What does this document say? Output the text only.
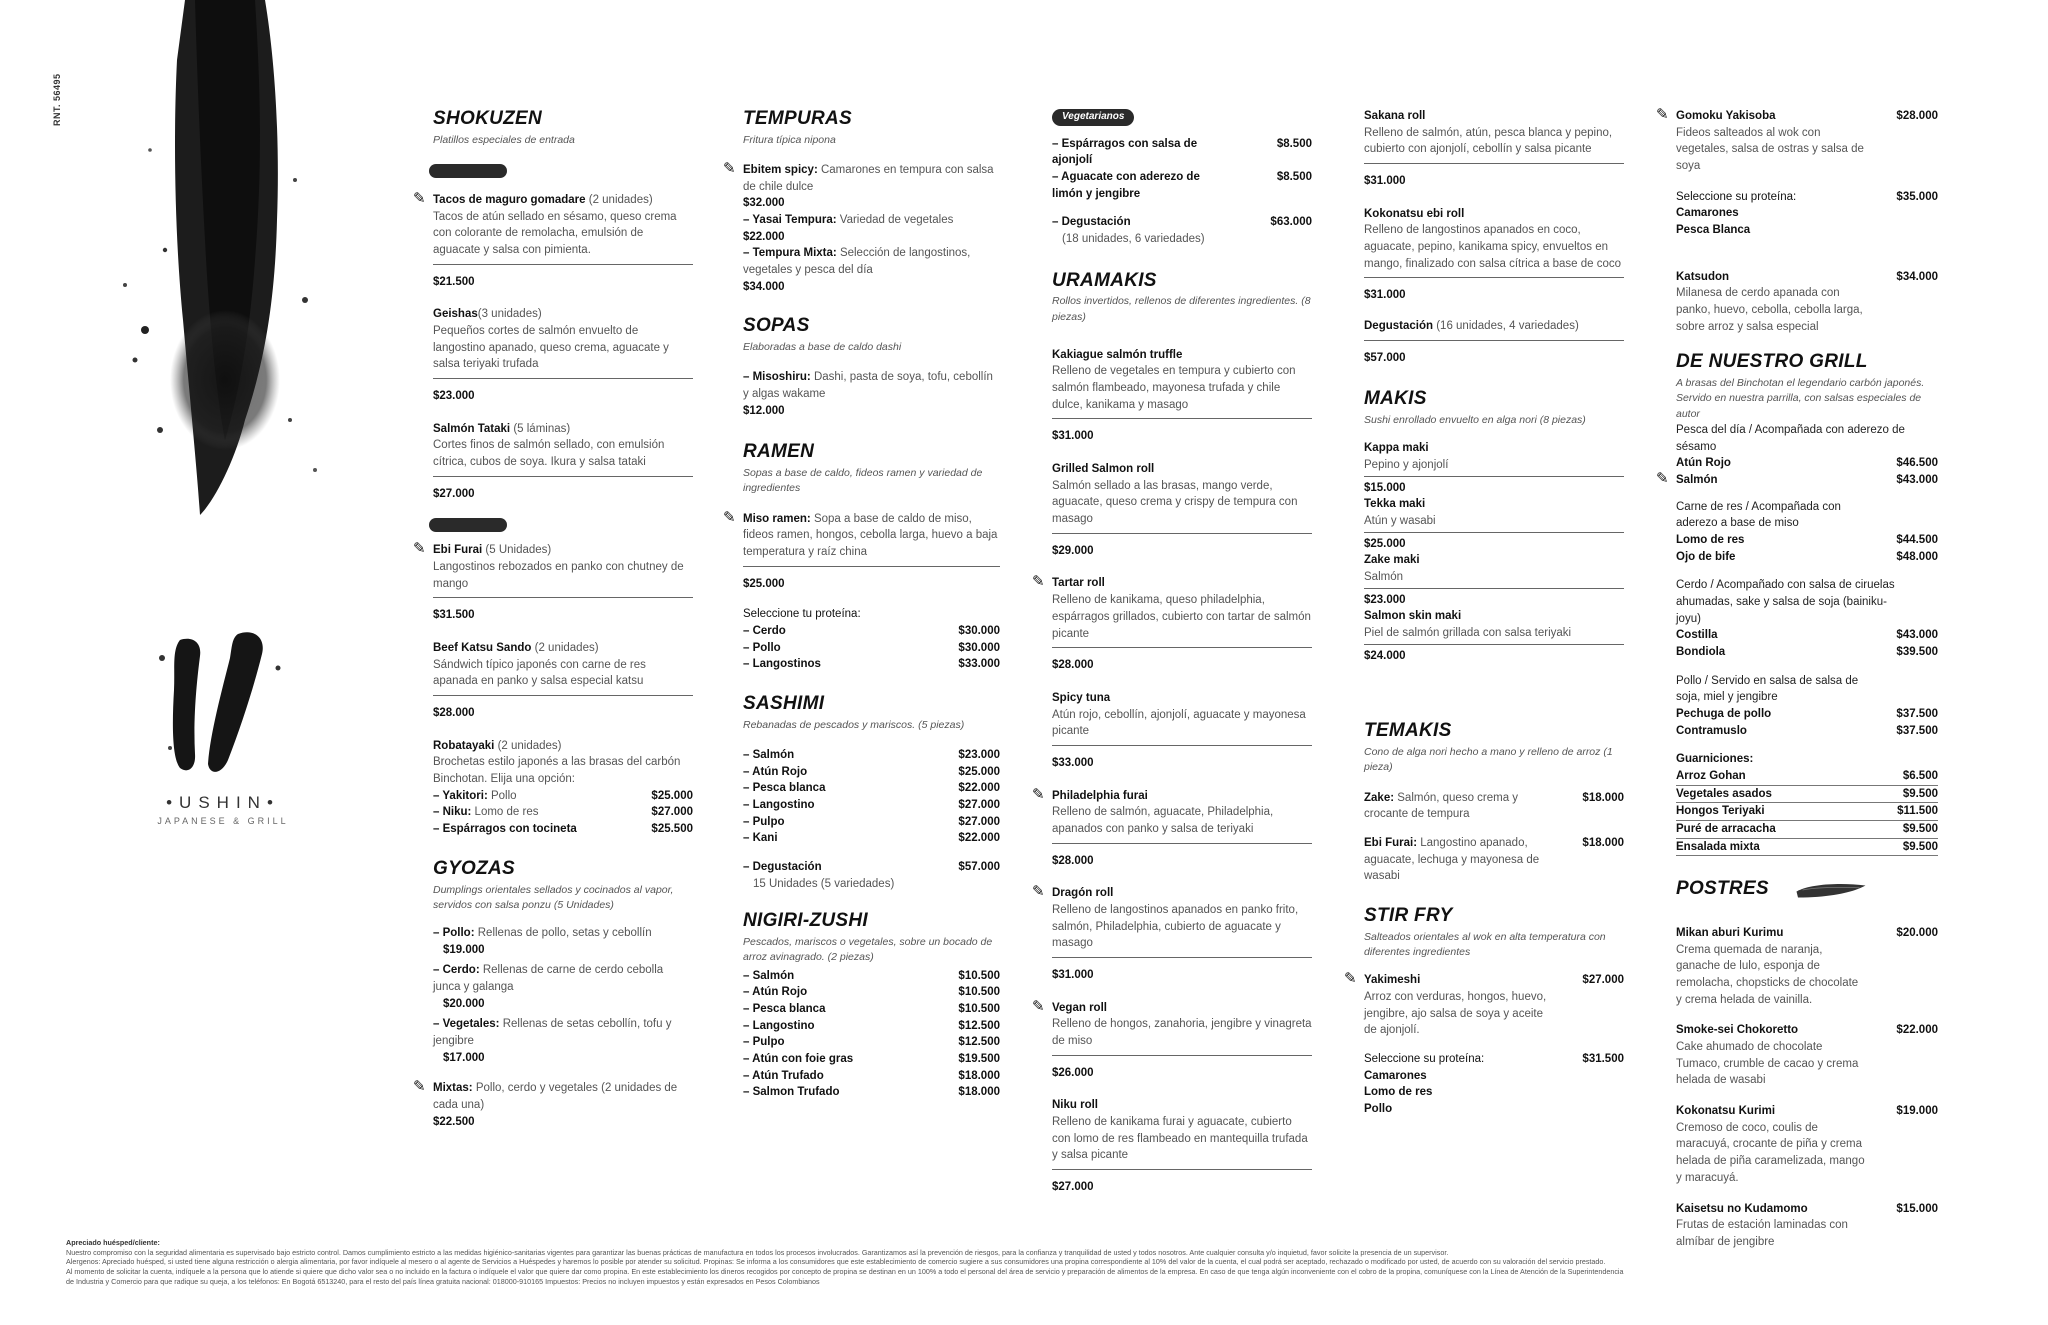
RNT. 56495
•USHIN•
JAPANESE & GRILL
SHOKUZEN

Platillos especiales de entrada

✎ Tacos de maguro gomadare (2 unidades)
Tacos de atún sellado en sésamo, queso crema con colorante de remolacha, emulsión de aguacate y salsa con pimienta.
$21.500
Geishas(3 unidades)
Pequeños cortes de salmón envuelto de langostino apanado, queso crema, aguacate y salsa teriyaki trufada
$23.000
Salmón Tataki (5 láminas)
Cortes finos de salmón sellado, con emulsión cítrica, cubos de soya. Ikura y salsa tataki
$27.000
✎ Ebi Furai (5 Unidades)
Langostinos rebozados en panko con chutney de mango
$31.500
Beef Katsu Sando (2 unidades)
Sándwich típico japonés con carne de res apanada en panko y salsa especial katsu
$28.000
Robatayaki (2 unidades)
Brochetas estilo japonés a las brasas del carbón Binchotan. Elija una opción:
– Yakitori: Pollo	$25.000
– Niku: Lomo de res	$27.000
– Espárragos con tocineta	$25.500
GYOZAS

Dumplings orientales sellados y cocinados al vapor, servidos con salsa ponzu (5 Unidades)

– Pollo: Rellenas de pollo, setas y cebollín
$19.000
– Cerdo: Rellenas de carne de cerdo cebolla junca y galanga
$20.000
– Vegetales: Rellenas de setas cebollín, tofu y jengibre
$17.000
✎ Mixtas: Pollo, cerdo y vegetales (2 unidades de cada una)
$22.500
TEMPURAS

Fritura típica nipona

✎ Ebitem spicy: Camarones en tempura con salsa de chile dulce
$32.000
– Yasai Tempura: Variedad de vegetales
$22.000
– Tempura Mixta: Selección de langostinos, vegetales y pesca del día
$34.000
SOPAS

Elaboradas a base de caldo dashi

– Misoshiru: Dashi, pasta de soya, tofu, cebollín y algas wakame
$12.000
RAMEN

Sopas a base de caldo, fideos ramen y variedad de ingredientes

✎ Miso ramen: Sopa a base de caldo de miso, fideos ramen, hongos, cebolla larga, huevo a baja temperatura y raíz china
$25.000
Seleccione tu proteína:
– Cerdo	$30.000
– Pollo	$30.000
– Langostinos	$33.000
SASHIMI

Rebanadas de pescados y mariscos. (5 piezas)

– Salmón	$23.000
– Atún Rojo	$25.000
– Pesca blanca	$22.000
– Langostino	$27.000
– Pulpo	$27.000
– Kani	$22.000
– Degustación	$57.000
15 Unidades (5 variedades)
NIGIRI-ZUSHI

Pescados, mariscos o vegetales, sobre un bocado de arroz avinagrado. (2 piezas)

– Salmón	$10.500
– Atún Rojo	$10.500
– Pesca blanca	$10.500
– Langostino	$12.500
– Pulpo	$12.500
– Atún con foie gras	$19.500
– Atún Trufado	$18.000
– Salmon Trufado	$18.000
Vegetarianos
– Espárragos con salsa de ajonjolí
$8.500
– Aguacate con aderezo de limón y jengibre
$8.500
– Degustación	$63.000
(18 unidades, 6 variedades)
URAMAKIS

Rollos invertidos, rellenos de diferentes ingredientes. (8 piezas)

Kakiague salmón truffle
Relleno de vegetales en tempura y cubierto con salmón flambeado, mayonesa trufada y chile dulce, kanikama y masago
$31.000
Grilled Salmon roll
Salmón sellado a las brasas, mango verde, aguacate, queso crema y crispy de tempura con masago
$29.000
✎ Tartar roll
Relleno de kanikama, queso philadelphia, espárragos grillados, cubierto con tartar de salmón picante
$28.000
Spicy tuna
Atún rojo, cebollín, ajonjolí, aguacate y mayonesa picante
$33.000
✎ Philadelphia furai
Relleno de salmón, aguacate, Philadelphia, apanados con panko y salsa de teriyaki
$28.000
✎ Dragón roll
Relleno de langostinos apanados en panko frito, salmón, Philadelphia, cubierto de aguacate y masago
$31.000
✎ Vegan roll
Relleno de hongos, zanahoria, jengibre y vinagreta de miso
$26.000
Niku roll
Relleno de kanikama furai y aguacate, cubierto con lomo de res flambeado en mantequilla trufada y salsa picante
$27.000
Sakana roll
Relleno de salmón, atún, pesca blanca y pepino, cubierto con ajonjolí, cebollín y salsa picante
$31.000
Kokonatsu ebi roll
Relleno de langostinos apanados en coco, aguacate, pepino, kanikama spicy, envueltos en mango, finalizado con salsa cítrica a base de coco
$31.000
Degustación (16 unidades, 4 variedades)
$57.000
MAKIS

Sushi enrollado envuelto en alga nori (8 piezas)

Kappa maki
Pepino y ajonjolí
$15.000
Tekka maki
Atún y wasabi
$25.000
Zake maki
Salmón
$23.000
Salmon skin maki
Piel de salmón grillada con salsa teriyaki
$24.000
TEMAKIS

Cono de alga nori hecho a mano y relleno de arroz (1 pieza)

Zake: Salmón, queso crema y crocante de tempura
$18.000
Ebi Furai: Langostino apanado, aguacate, lechuga y mayonesa de wasabi
$18.000
STIR FRY

Salteados orientales al wok en alta temperatura con diferentes ingredientes

✎ Yakimeshi
Arroz con verduras, hongos, huevo, jengibre, ajo salsa de soya y aceite de ajonjolí.
$27.000
Seleccione su proteína:	$31.500
Camarones
Lomo de res
Pollo
✎ Gomoku Yakisoba
Fideos salteados al wok con vegetales, salsa de ostras y salsa de soya
$28.000
Seleccione su proteína:	$35.000
Camarones
Pesca Blanca
Katsudon
Milanesa de cerdo apanada con panko, huevo, cebolla, cebolla larga, sobre arroz y salsa especial
$34.000
DE NUESTRO GRILL

A brasas del Binchotan el legendario carbón japonés. Servido en nuestra parrilla, con salsas especiales de autor

Pesca del día / Acompañada con aderezo de sésamo
Atún Rojo	$46.500
✎ Salmón	$43.000
Carne de res / Acompañada con aderezo a base de miso
Lomo de res	$44.500
Ojo de bife	$48.000
Cerdo / Acompañado con salsa de ciruelas ahumadas, sake y salsa de soja (bainiku-joyu)
Costilla	$43.000
Bondiola	$39.500
Pollo / Servido en salsa de salsa de soja, miel y jengibre
Pechuga de pollo	$37.500
Contramuslo	$37.500
Guarniciones:
Arroz Gohan	$6.500
Vegetales asados	$9.500
Hongos Teriyaki	$11.500
Puré de arracacha	$9.500
Ensalada mixta	$9.500
POSTRES
Mikan aburi Kurimu
Crema quemada de naranja, ganache de lulo, esponja de remolacha, chopsticks de chocolate y crema helada de vainilla.
$20.000
Smoke-sei Chokoretto
Cake ahumado de chocolate Tumaco, crumble de cacao y crema helada de wasabi
$22.000
Kokonatsu Kurimi
Cremoso de coco, coulis de maracuyá, crocante de piña y crema helada de piña caramelizada, mango y maracuyá.
$19.000
Kaisetsu no Kudamomo
Frutas de estación laminadas con almíbar de jengibre
$15.000
Apreciado huésped/cliente:
Nuestro compromiso con la seguridad alimentaria es supervisado bajo estricto control. Damos cumplimiento estricto a las medidas higiénico-sanitarias vigentes para garantizar las buenas prácticas de manufactura en todos los procesos involucrados. Garantizamos así la prevención de riesgos, para la confianza y tranquilidad de usted y todos nosotros. Ante cualquier consulta y/o inquietud, favor solicite la presencia de un supervisor.
Alergenos: Apreciado huésped, si usted tiene alguna restricción o alergia alimentaria, por favor indíquele al mesero o al agente de Servicios a Huéspedes y haremos lo posible por atender su solicitud. Propinas: Se informa a los consumidores que este establecimiento de comercio sugiere a sus consumidores una propina correspondiente al 10% del valor de la cuenta, el cual podrá ser aceptado, rechazado o modificado por usted, de acuerdo con su valoración del servicio prestado.
Al momento de solicitar la cuenta, indíquele a la persona que lo atiende si quiere que dicho valor sea o no incluido en la factura o indíquele el valor que quiere dar como propina. En este establecimiento los dineros recogidos por concepto de propina se destinan en un 100% a todo el personal del área de servicio y preparación de alimentos de la empresa. En caso de que tenga algún inconveniente con el cobro de la propina, comuníquese con la Línea de Atención de la Superintendencia
de Industria y Comercio para que radique su queja, a los teléfonos: En Bogotá 6513240, para el resto del país línea gratuita nacional: 018000-910165 Impuestos: Precios no incluyen impuestos y están expresados en Pesos Colombianos
